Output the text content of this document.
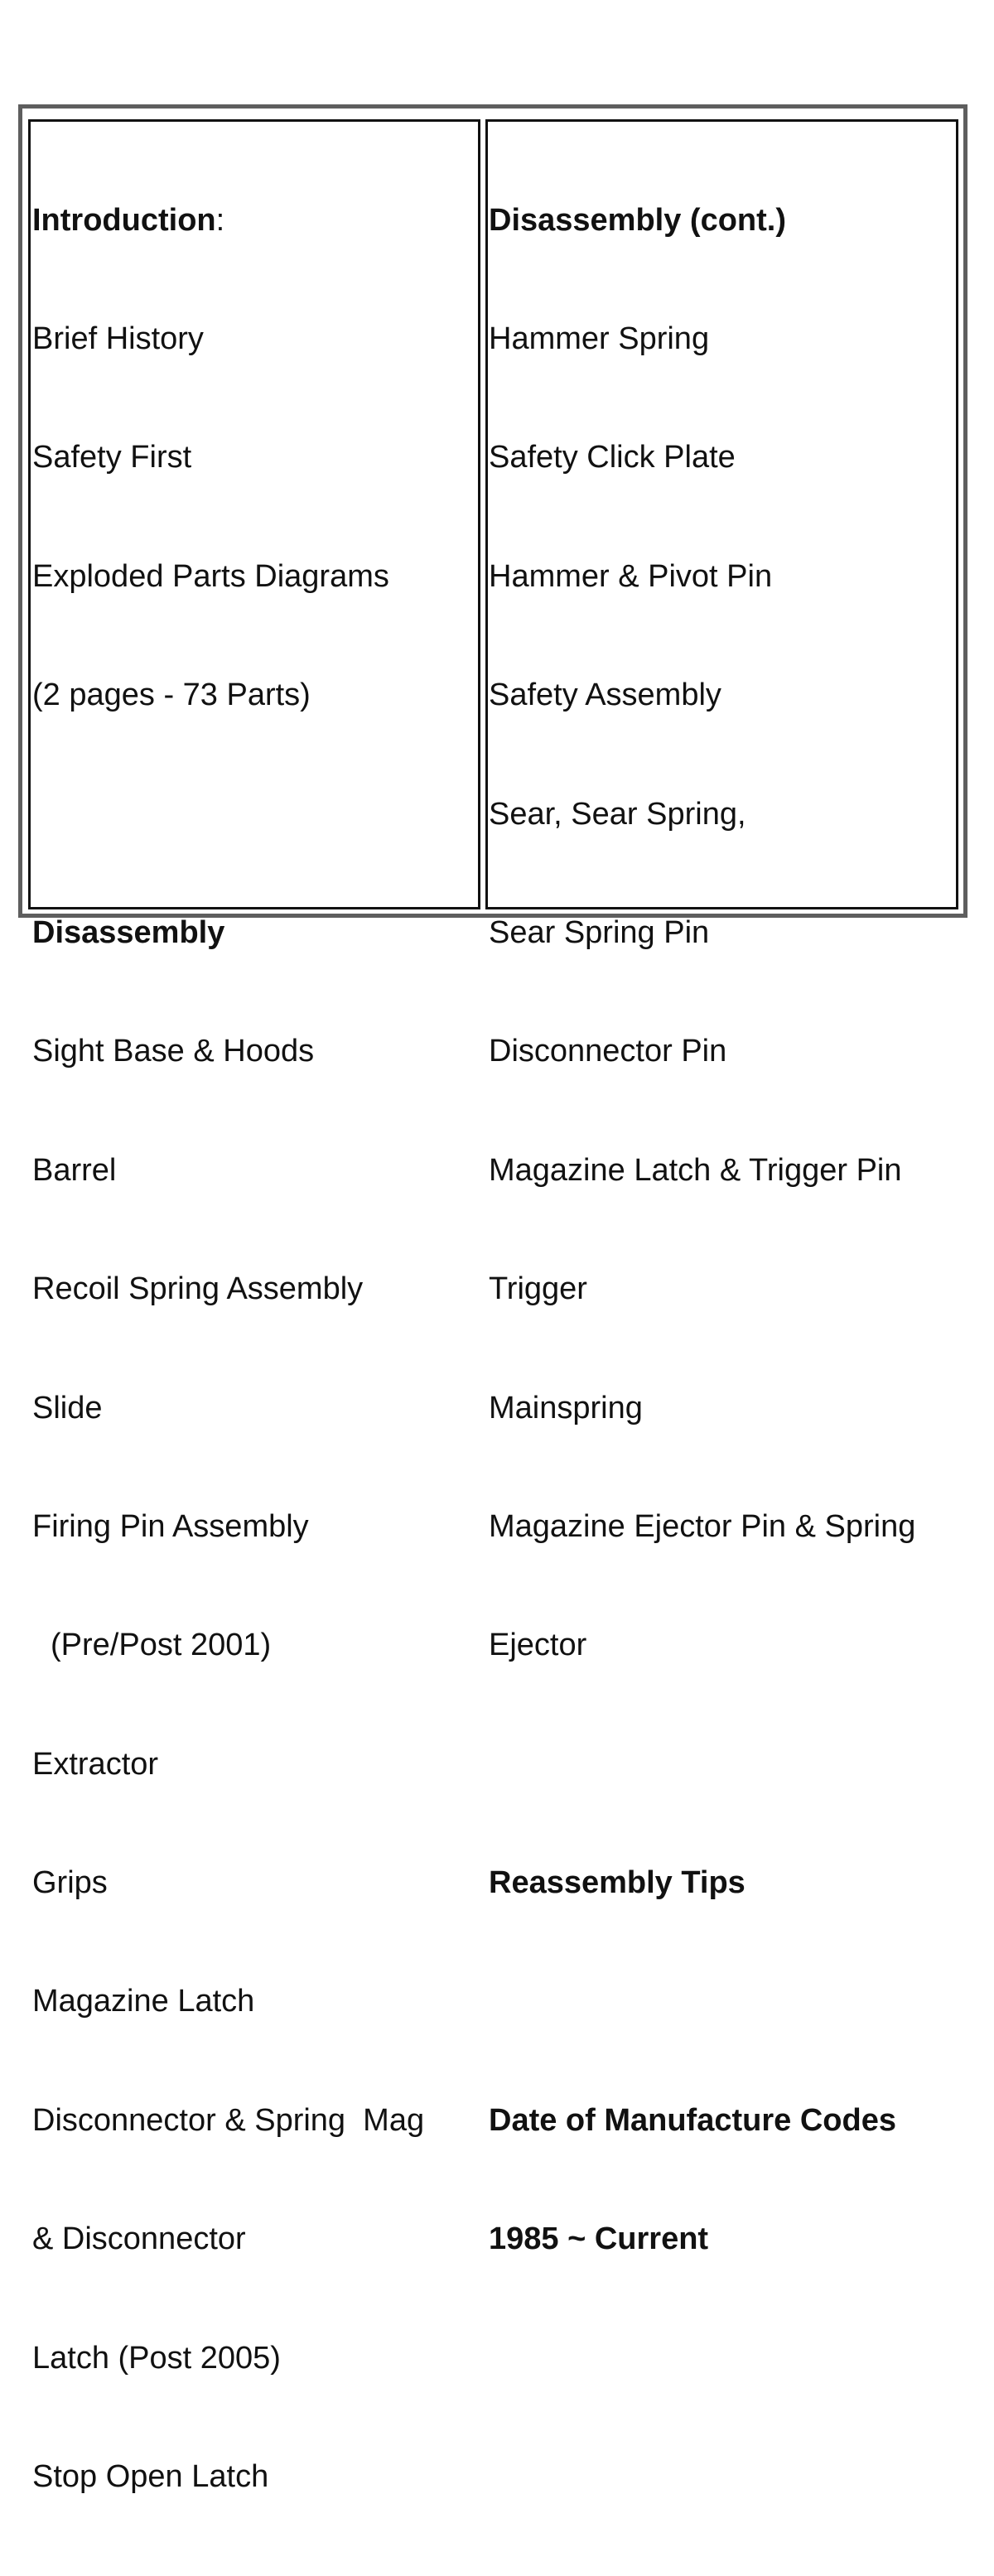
Introduction:

Brief History

Safety First

Exploded Parts Diagrams

(2 pages - 73 Parts)

Disassembly

Sight Base & Hoods

Barrel

Recoil Spring Assembly

Slide

Firing Pin Assembly

(Pre/Post 2001)

Extractor

Grips

Magazine Latch

Disconnector & Spring  Mag

& Disconnector

Latch (Post 2005)

Stop Open Latch

Disassembly (cont.)

Hammer Spring

Safety Click Plate

Hammer & Pivot Pin

Safety Assembly

Sear, Sear Spring,

Sear Spring Pin

Disconnector Pin

Magazine Latch & Trigger Pin

Trigger

Mainspring

Magazine Ejector Pin & Spring

Ejector

Reassembly Tips

Date of Manufacture Codes

1985 ~ Current
